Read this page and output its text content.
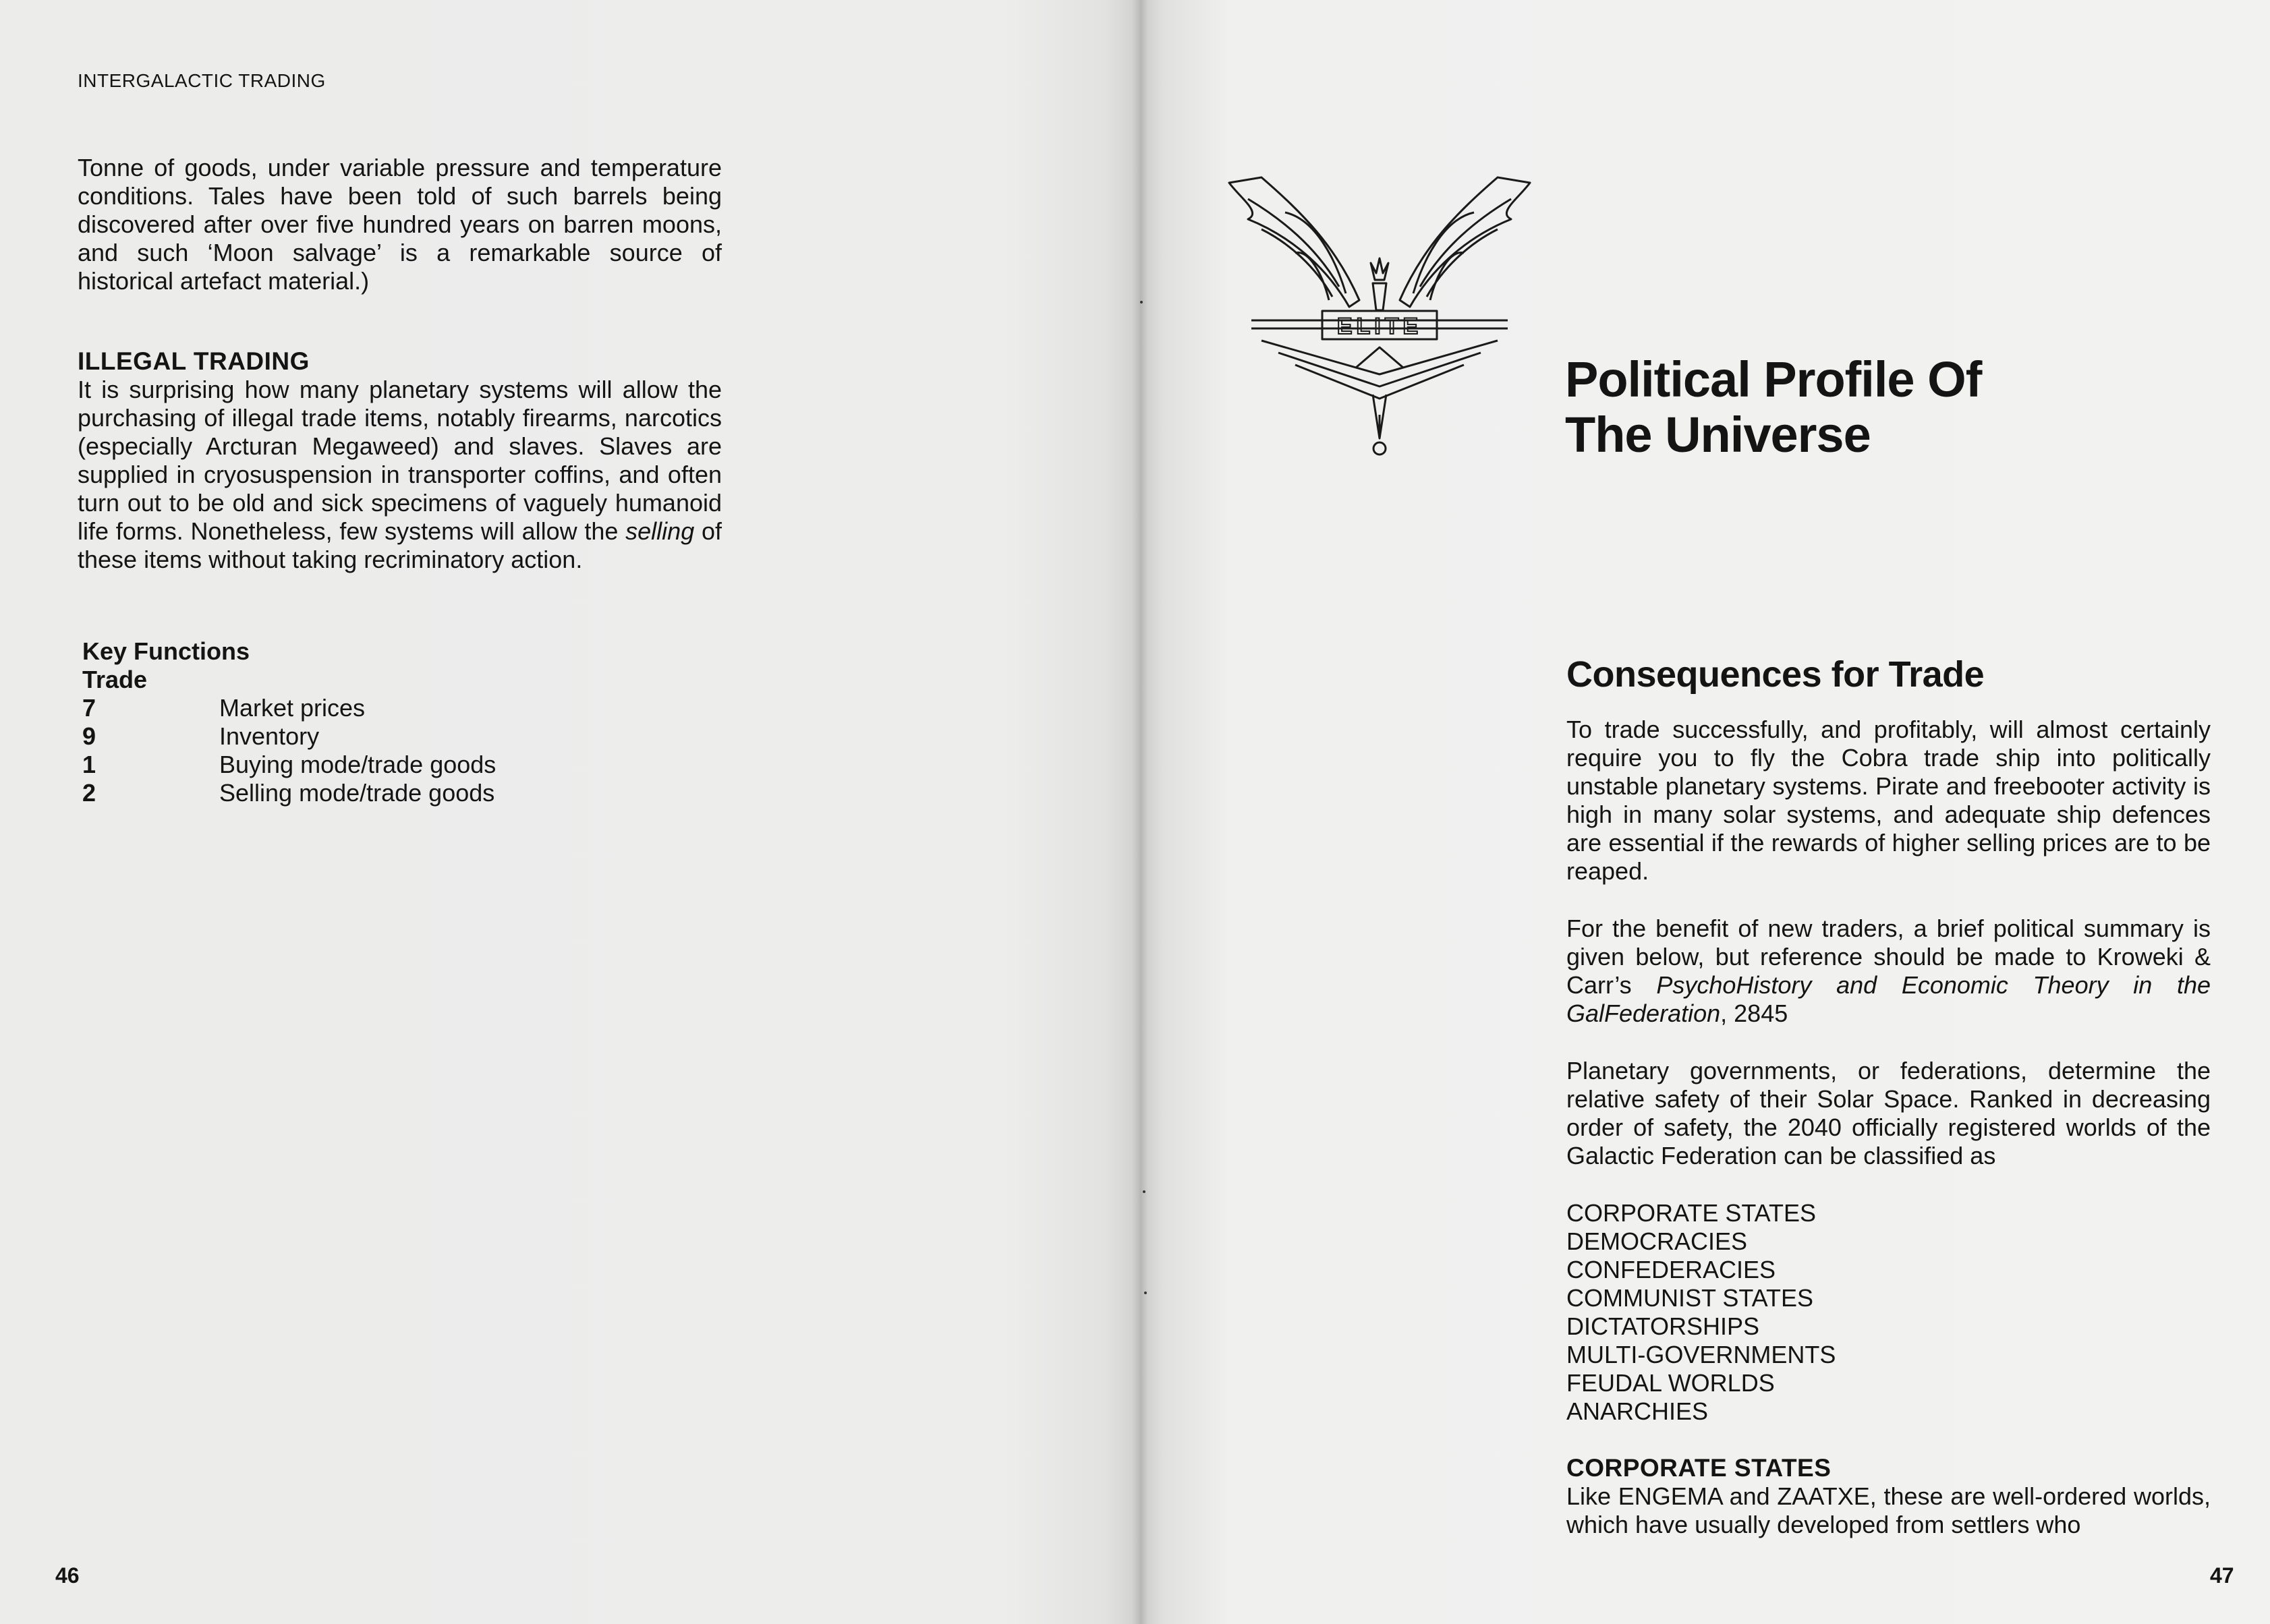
INTERGALACTIC TRADING

Tonne of goods, under variable pressure and temperature conditions. Tales have been told of such barrels being discovered after over five hundred years on barren moons, and such ‘Moon salvage’ is a remarkable source of historical artefact material.)

ILLEGAL TRADING

It is surprising how many planetary systems will allow the purchasing of illegal trade items, notably firearms, narcotics (especially Arcturan Megaweed) and slaves. Slaves are supplied in cryosuspension in transporter coffins, and often turn out to be old and sick specimens of vaguely humanoid life forms. Nonetheless, few systems will allow the selling of these items without taking recriminatory action.

Key Functions
Trade
7	Market prices
9	Inventory
1	Buying mode/trade goods
2	Selling mode/trade goods
46	47
ELITE
Political Profile Of
The Universe
Consequences for Trade

To trade successfully, and profitably, will almost certainly require you to fly the Cobra trade ship into politically unstable planetary systems. Pirate and freebooter activity is high in many solar systems, and adequate ship defences are essential if the rewards of higher selling prices are to be reaped.

For the benefit of new traders, a brief political summary is given below, but reference should be made to Kroweki & Carr’s PsychoHistory and Economic Theory in the GalFederation, 2845

Planetary governments, or federations, determine the relative safety of their Solar Space. Ranked in decreasing order of safety, the 2040 officially registered worlds of the Galactic Federation can be classified as

CORPORATE STATES
DEMOCRACIES
CONFEDERACIES
COMMUNIST STATES
DICTATORSHIPS
MULTI-GOVERNMENTS
FEUDAL WORLDS
ANARCHIES
CORPORATE STATES

Like ENGEMA and ZAATXE, these are well-ordered worlds, which have usually developed from settlers who
